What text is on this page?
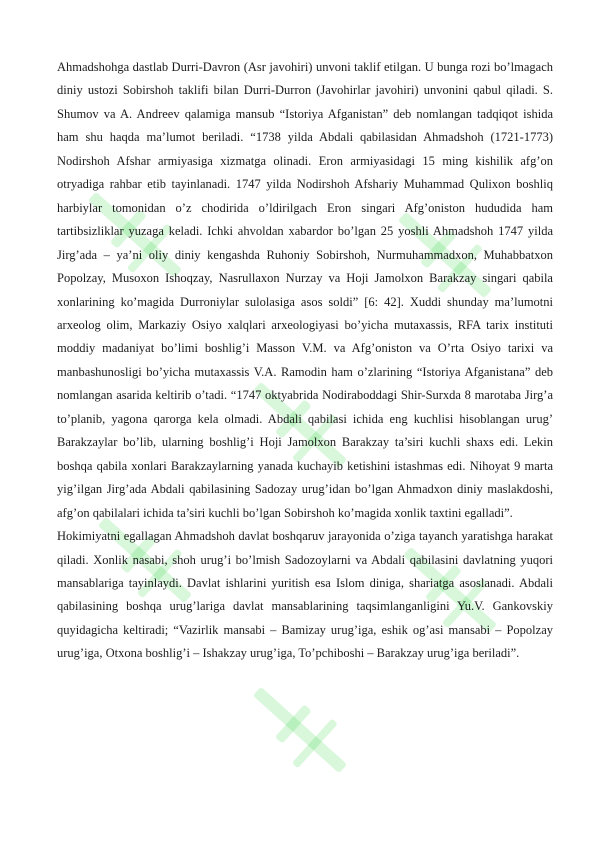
Ahmadshohga dastlab Durri-Davron (Asr javohiri) unvoni taklif etilgan. U bunga rozi bo’lmagach diniy ustozi Sobirshoh taklifi bilan Durri-Durron (Javohirlar javohiri) unvonini qabul qiladi. S. Shumov va A. Andreev qalamiga mansub “Istoriya Afganistan” deb nomlangan tadqiqot ishida ham shu haqda ma’lumot beriladi. “1738 yilda Abdali qabilasidan Ahmadshoh (1721-1773) Nodirshoh Afshar armiyasiga xizmatga olinadi. Eron armiyasidagi 15 ming kishilik afg’on otryadiga rahbar etib tayinlanadi. 1747 yilda Nodirshoh Afshariy Muhammad Qulixon boshliq harbiylar tomonidan o’z chodirida o’ldirilgach Eron singari Afg’oniston hududida ham tartibsizliklar yuzaga keladi. Ichki ahvoldan xabardor bo’lgan 25 yoshli Ahmadshoh 1747 yilda Jirg’ada – ya’ni oliy diniy kengashda Ruhoniy Sobirshoh, Nurmuhammadxon, Muhabbatxon Popolzay, Musoxon Ishoqzay, Nasrullaxon Nurzay va Hoji Jamolxon Barakzay singari qabila xonlarining ko’magida Durroniylar sulolasiga asos soldi” [6: 42]. Xuddi shunday ma’lumotni arxeolog olim, Markaziy Osiyo xalqlari arxeologiyasi bo’yicha mutaxassis, RFA tarix instituti moddiy madaniyat bo’limi boshlig’i Masson V.M. va Afg’oniston va O’rta Osiyo tarixi va manbashunosligi bo’yicha mutaxassis V.A. Ramodin ham o’zlarining “Istoriya Afganistana” deb nomlangan asarida keltirib o’tadi. “1747 oktyabrida Nodiraboddagi Shir-Surxda 8 marotaba Jirg’a to’planib, yagona qarorga kela olmadi. Abdali qabilasi ichida eng kuchlisi hisoblangan urug’ Barakzaylar bo’lib, ularning boshlig’i Hoji Jamolxon Barakzay ta’siri kuchli shaxs edi. Lekin boshqa qabila xonlari Barakzaylarning yanada kuchayib ketishini istashmas edi. Nihoyat 9 marta yig’ilgan Jirg’ada Abdali qabilasining Sadozay urug’idan bo’lgan Ahmadxon diniy maslakdoshi, afg’on qabilalari ichida ta’siri kuchli bo’lgan Sobirshoh ko’magida xonlik taxtini egalladi”.

Hokimiyatni egallagan Ahmadshoh davlat boshqaruv jarayonida o’ziga tayanch yaratishga harakat qiladi. Xonlik nasabi, shoh urug’i bo’lmish Sadozoylarni va Abdali qabilasini davlatning yuqori mansablariga tayinlaydi. Davlat ishlarini yuritish esa Islom diniga, shariatga asoslanadi. Abdali qabilasining boshqa urug’lariga davlat mansablarining taqsimlanganligini Yu.V. Gankovskiy quyidagicha keltiradi; “Vazirlik mansabi – Bamizay urug’iga, eshik og’asi mansabi – Popolzay urug’iga, Otxona boshlig’i – Ishakzay urug’iga, To’pchiboshi – Barakzay urug’iga beriladi”.
